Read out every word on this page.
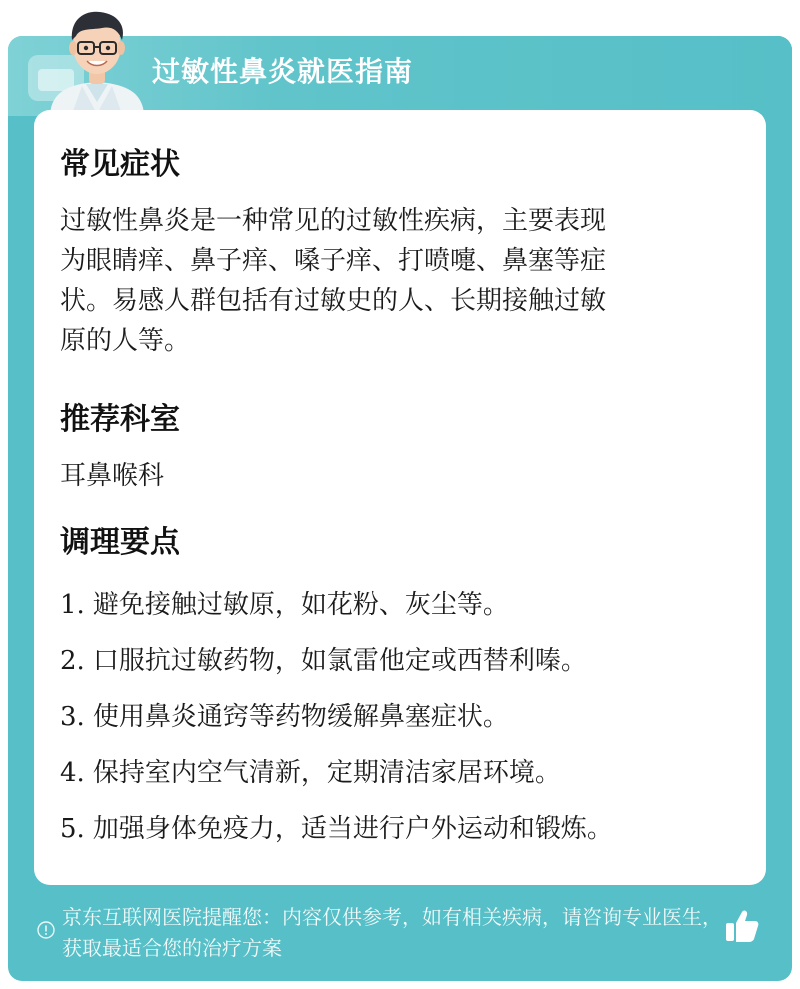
过敏性鼻炎就医指南
常见症状
过敏性鼻炎是一种常见的过敏性疾病，主要表现
为眼睛痒、鼻子痒、嗓子痒、打喷嚏、鼻塞等症
状。易感人群包括有过敏史的人、长期接触过敏
原的人等。
推荐科室
耳鼻喉科
调理要点
1. 避免接触过敏原，如花粉、灰尘等。
2. 口服抗过敏药物，如氯雷他定或西替利嗪。
3. 使用鼻炎通窍等药物缓解鼻塞症状。
4. 保持室内空气清新，定期清洁家居环境。
5. 加强身体免疫力，适当进行户外运动和锻炼。
京东互联网医院提醒您：内容仅供参考，如有相关疾病，请咨询专业医生，获取最适合您的治疗方案
